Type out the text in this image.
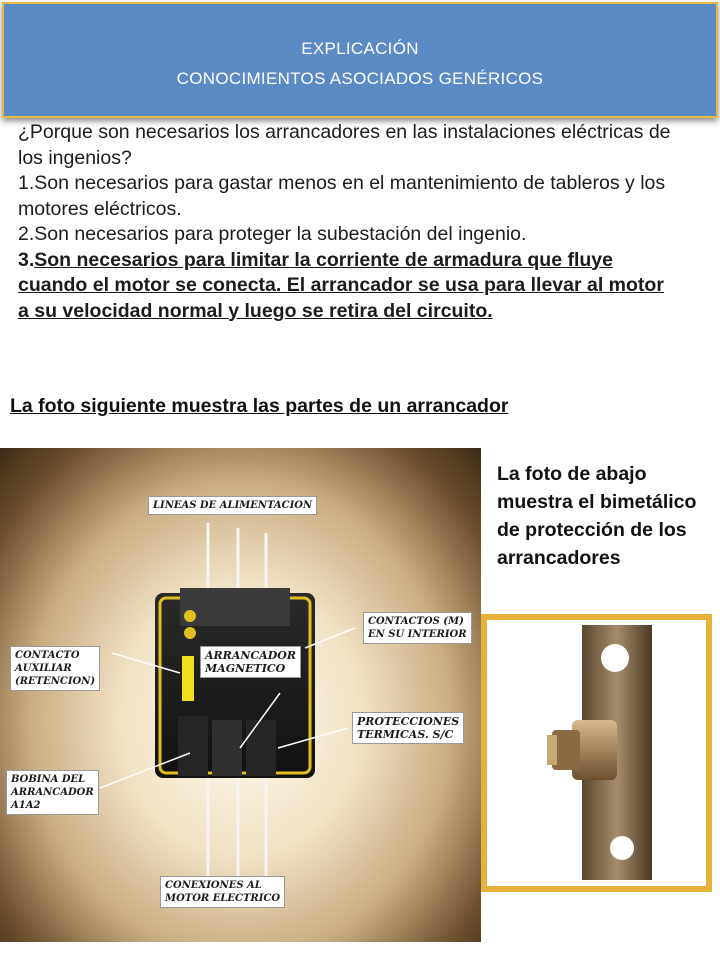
EXPLICACIÓN
CONOCIMIENTOS ASOCIADOS GENÉRICOS

¿Porque son necesarios los arrancadores en las instalaciones eléctricas de los ingenios?

1.Son necesarios para gastar menos en el mantenimiento de tableros y los motores eléctricos.

2.Son necesarios para proteger la subestación del ingenio.

3.Son necesarios para limitar la corriente de armadura que fluye cuando el motor se conecta. El arrancador se usa para llevar al motor a su velocidad normal y luego se retira del circuito.

La foto siguiente muestra las partes de un arrancador
LINEAS DE ALIMENTACION
CONTACTOS (M)
EN SU INTERIOR
CONTACTO
AUXILIAR
(RETENCION)
ARRANCADOR
MAGNETICO
PROTECCIONES
TERMICAS. S/C
BOBINA DEL
ARRANCADOR
A1A2
CONEXIONES AL
MOTOR ELECTRICO
La foto de abajo muestra el bimetálico de protección de los arrancadores
